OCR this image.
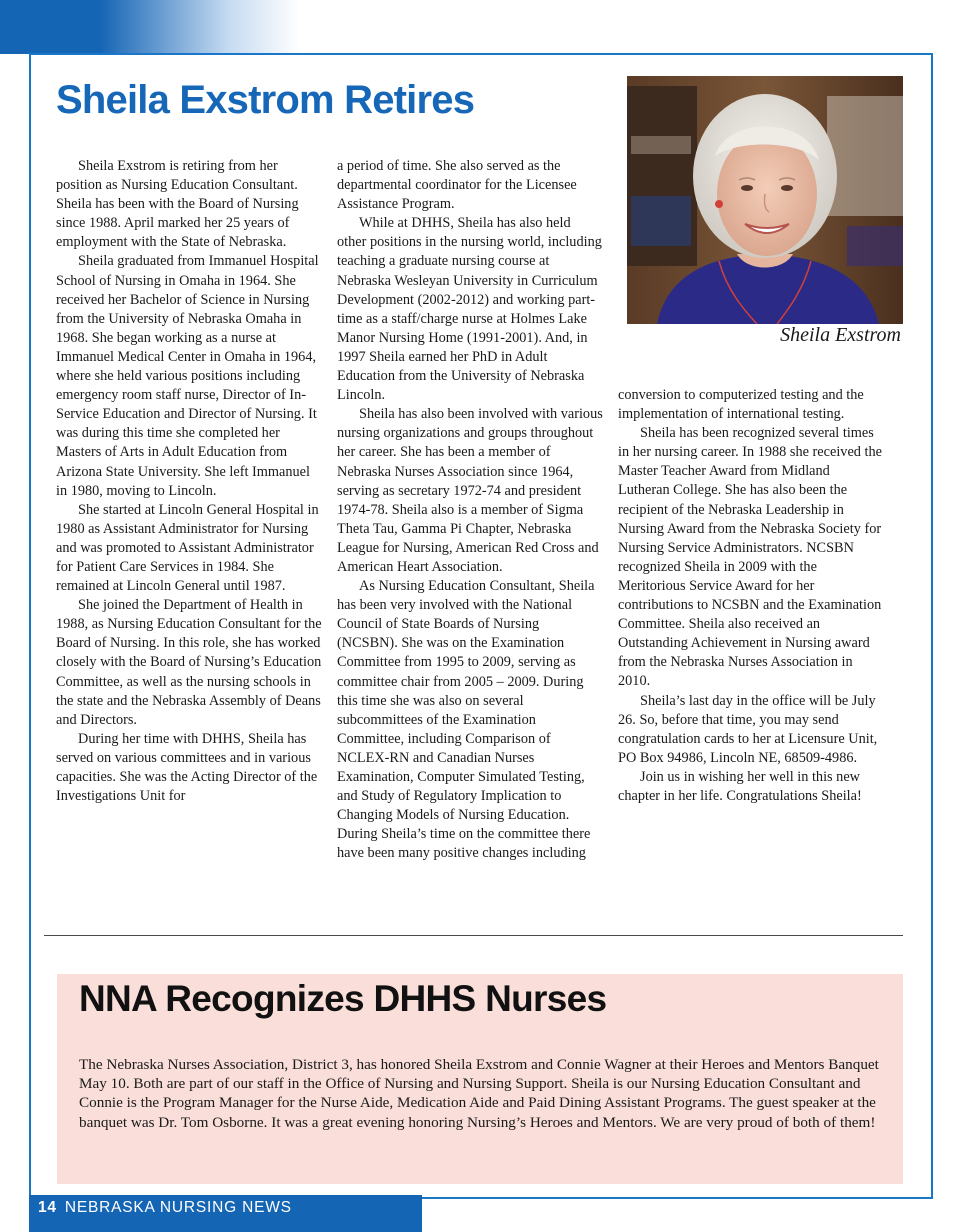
Sheila Exstrom Retires

Sheila Exstrom is retiring from her position as Nursing Education Consultant. Sheila has been with the Board of Nursing since 1988. April marked her 25 years of employment with the State of Nebraska.

Sheila graduated from Immanuel Hospital School of Nursing in Omaha in 1964. She received her Bachelor of Science in Nursing from the University of Nebraska Omaha in 1968. She began working as a nurse at Immanuel Medical Center in Omaha in 1964, where she held various positions including emergency room staff nurse, Director of In-Service Education and Director of Nursing. It was during this time she completed her Masters of Arts in Adult Education from Arizona State University. She left Immanuel in 1980, moving to Lincoln.

She started at Lincoln General Hospital in 1980 as Assistant Administrator for Nursing and was promoted to Assistant Administrator for Patient Care Services in 1984. She remained at Lincoln General until 1987.

She joined the Department of Health in 1988, as Nursing Education Consultant for the Board of Nursing. In this role, she has worked closely with the Board of Nursing’s Education Committee, as well as the nursing schools in the state and the Nebraska Assembly of Deans and Directors.

During her time with DHHS, Sheila has served on various committees and in various capacities. She was the Acting Director of the Investigations Unit for

a period of time. She also served as the departmental coordinator for the Licensee Assistance Program.

While at DHHS, Sheila has also held other positions in the nursing world, including teaching a graduate nursing course at Nebraska Wesleyan University in Curriculum Development (2002-2012) and working part-time as a staff/charge nurse at Holmes Lake Manor Nursing Home (1991-2001). And, in 1997 Sheila earned her PhD in Adult Education from the University of Nebraska Lincoln.

Sheila has also been involved with various nursing organizations and groups throughout her career. She has been a member of Nebraska Nurses Association since 1964, serving as secretary 1972-74 and president 1974-78. Sheila also is a member of Sigma Theta Tau, Gamma Pi Chapter, Nebraska League for Nursing, American Red Cross and American Heart Association.

As Nursing Education Consultant, Sheila has been very involved with the National Council of State Boards of Nursing (NCSBN). She was on the Examination Committee from 1995 to 2009, serving as committee chair from 2005 – 2009. During this time she was also on several subcommittees of the Examination Committee, including Comparison of NCLEX-RN and Canadian Nurses Examination, Computer Simulated Testing, and Study of Regulatory Implication to Changing Models of Nursing Education. During Sheila’s time on the committee there have been many positive changes including

Sheila Exstrom

conversion to computerized testing and the implementation of international testing.

Sheila has been recognized several times in her nursing career. In 1988 she received the Master Teacher Award from Midland Lutheran College. She has also been the recipient of the Nebraska Leadership in Nursing Award from the Nebraska Society for Nursing Service Administrators. NCSBN recognized Sheila in 2009 with the Meritorious Service Award for her contributions to NCSBN and the Examination Committee. Sheila also received an Outstanding Achievement in Nursing award from the Nebraska Nurses Association in 2010.

Sheila’s last day in the office will be July 26. So, before that time, you may send congratulation cards to her at Licensure Unit, PO Box 94986, Lincoln NE, 68509-4986.

Join us in wishing her well in this new chapter in her life. Congratulations Sheila!

NNA Recognizes DHHS Nurses

The Nebraska Nurses Association, District 3, has honored Sheila Exstrom and Connie Wagner at their Heroes and Mentors Banquet May 10. Both are part of our staff in the Office of Nursing and Nursing Support. Sheila is our Nursing Education Consultant and Connie is the Program Manager for the Nurse Aide, Medication Aide and Paid Dining Assistant Programs. The guest speaker at the banquet was Dr. Tom Osborne. It was a great evening honoring Nursing’s Heroes and Mentors. We are very proud of both of them!

14 NEBRASKA NURSING NEWS
